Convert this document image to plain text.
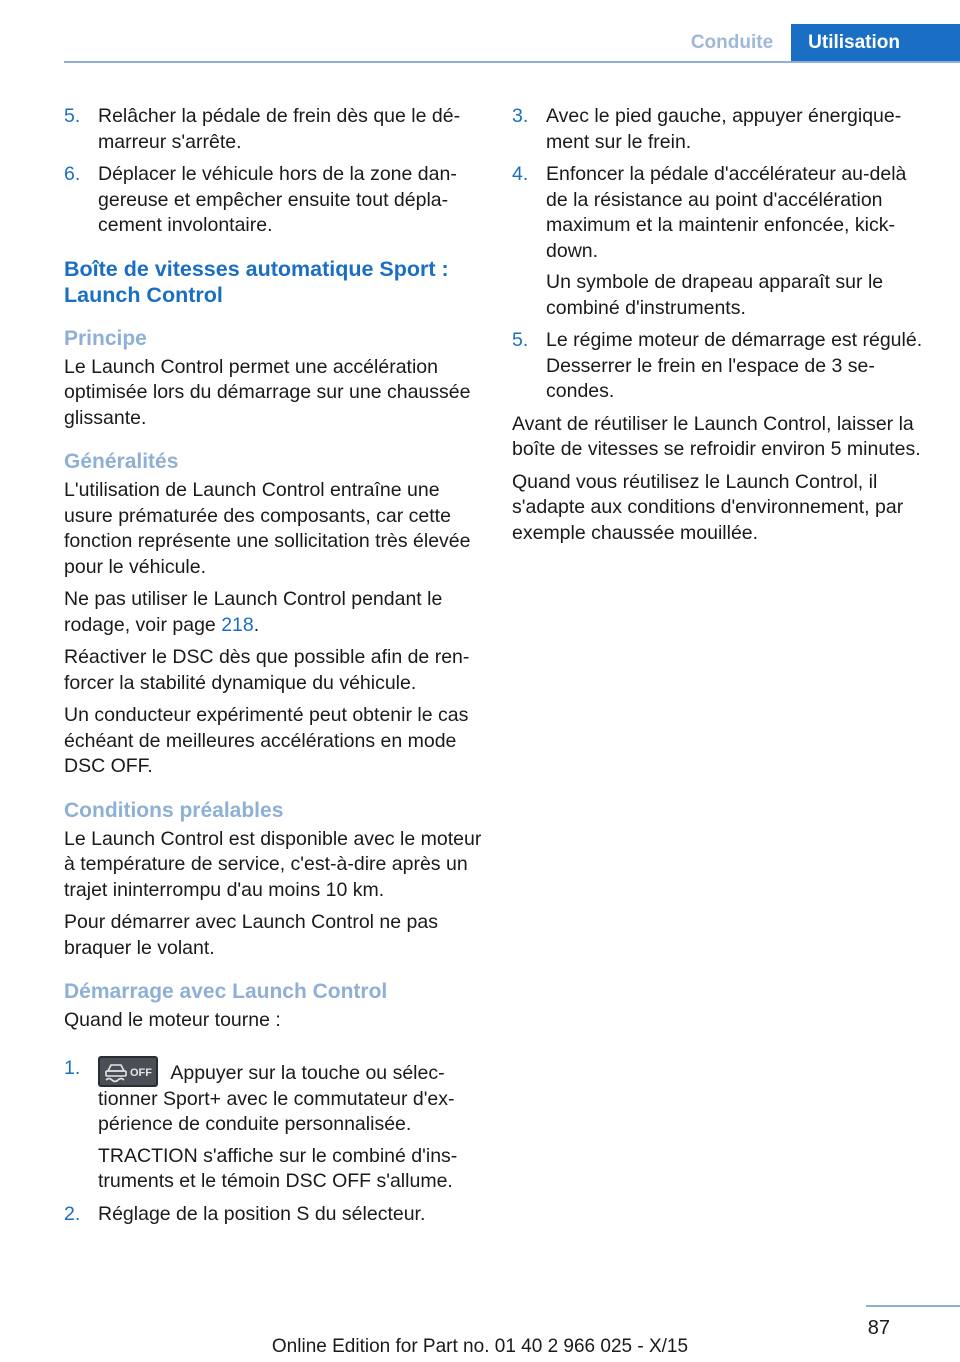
Conduite	Utilisation
5. Relâcher la pédale de frein dès que le démarreur s'arrête.

6. Déplacer le véhicule hors de la zone dangereuse et empêcher ensuite tout déplacement involontaire.

Boîte de vitesses automatique Sport : Launch Control
Principe

Le Launch Control permet une accélération optimisée lors du démarrage sur une chaussée glissante.

Généralités

L'utilisation de Launch Control entraîne une usure prématurée des composants, car cette fonction représente une sollicitation très élevée pour le véhicule.

Ne pas utiliser le Launch Control pendant le rodage, voir page 218.

Réactiver le DSC dès que possible afin de renforcer la stabilité dynamique du véhicule.

Un conducteur expérimenté peut obtenir le cas échéant de meilleures accélérations en mode DSC OFF.

Conditions préalables

Le Launch Control est disponible avec le moteur à température de service, c'est-à-dire après un trajet ininterrompu d'au moins 10 km.

Pour démarrer avec Launch Control ne pas braquer le volant.

Démarrage avec Launch Control

Quand le moteur tourne :

1.	OFF Appuyer sur la touche ou sélectionner Sport+ avec le commutateur d'expérience de conduite personnalisée.

TRACTION s'affiche sur le combiné d'instruments et le témoin DSC OFF s'allume.

2. Réglage de la position S du sélecteur.

3. Avec le pied gauche, appuyer énergiquement sur le frein.

4. Enfoncer la pédale d'accélérateur au-delà de la résistance au point d'accélération maximum et la maintenir enfoncée, kickdown.

Un symbole de drapeau apparaît sur le combiné d'instruments.

5. Le régime moteur de démarrage est régulé. Desserrer le frein en l'espace de 3 secondes.

Avant de réutiliser le Launch Control, laisser la boîte de vitesses se refroidir environ 5 minutes.

Quand vous réutilisez le Launch Control, il s'adapte aux conditions d'environnement, par exemple chaussée mouillée.

87
Online Edition for Part no. 01 40 2 966 025 - X/15
